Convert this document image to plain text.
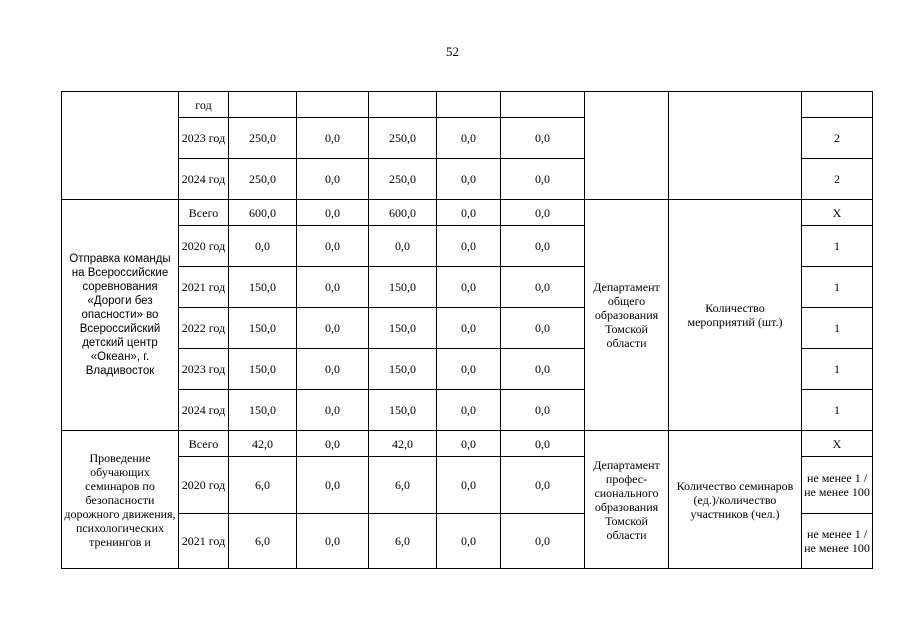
52
	год								
	2023 год	250,0	0,0	250,0	0,0	0,0			2
	2024 год	250,0	0,0	250,0	0,0	0,0			2
Отправка команды на Всероссийские соревнования «Дороги без опасности» во Всероссийский детский центр «Океан», г. Владивосток	Всего	600,0	0,0	600,0	0,0	0,0	Департамент общего образования Томской области	Количество мероприятий (шт.)	Х
	2020 год	0,0	0,0	0,0	0,0	0,0			1
	2021 год	150,0	0,0	150,0	0,0	0,0			1
	2022 год	150,0	0,0	150,0	0,0	0,0			1
	2023 год	150,0	0,0	150,0	0,0	0,0			1
	2024 год	150,0	0,0	150,0	0,0	0,0			1
Проведение обучающих семинаров по безопасности дорожного движения, психологических тренингов и	Всего	42,0	0,0	42,0	0,0	0,0	Департамент профес-сионального образования Томской области	Количество семинаров (ед.)/количество участников (чел.)	Х
	2020 год	6,0	0,0	6,0	0,0	0,0			не менее 1 / не менее 100
	2021 год	6,0	0,0	6,0	0,0	0,0			не менее 1 / не менее 100
